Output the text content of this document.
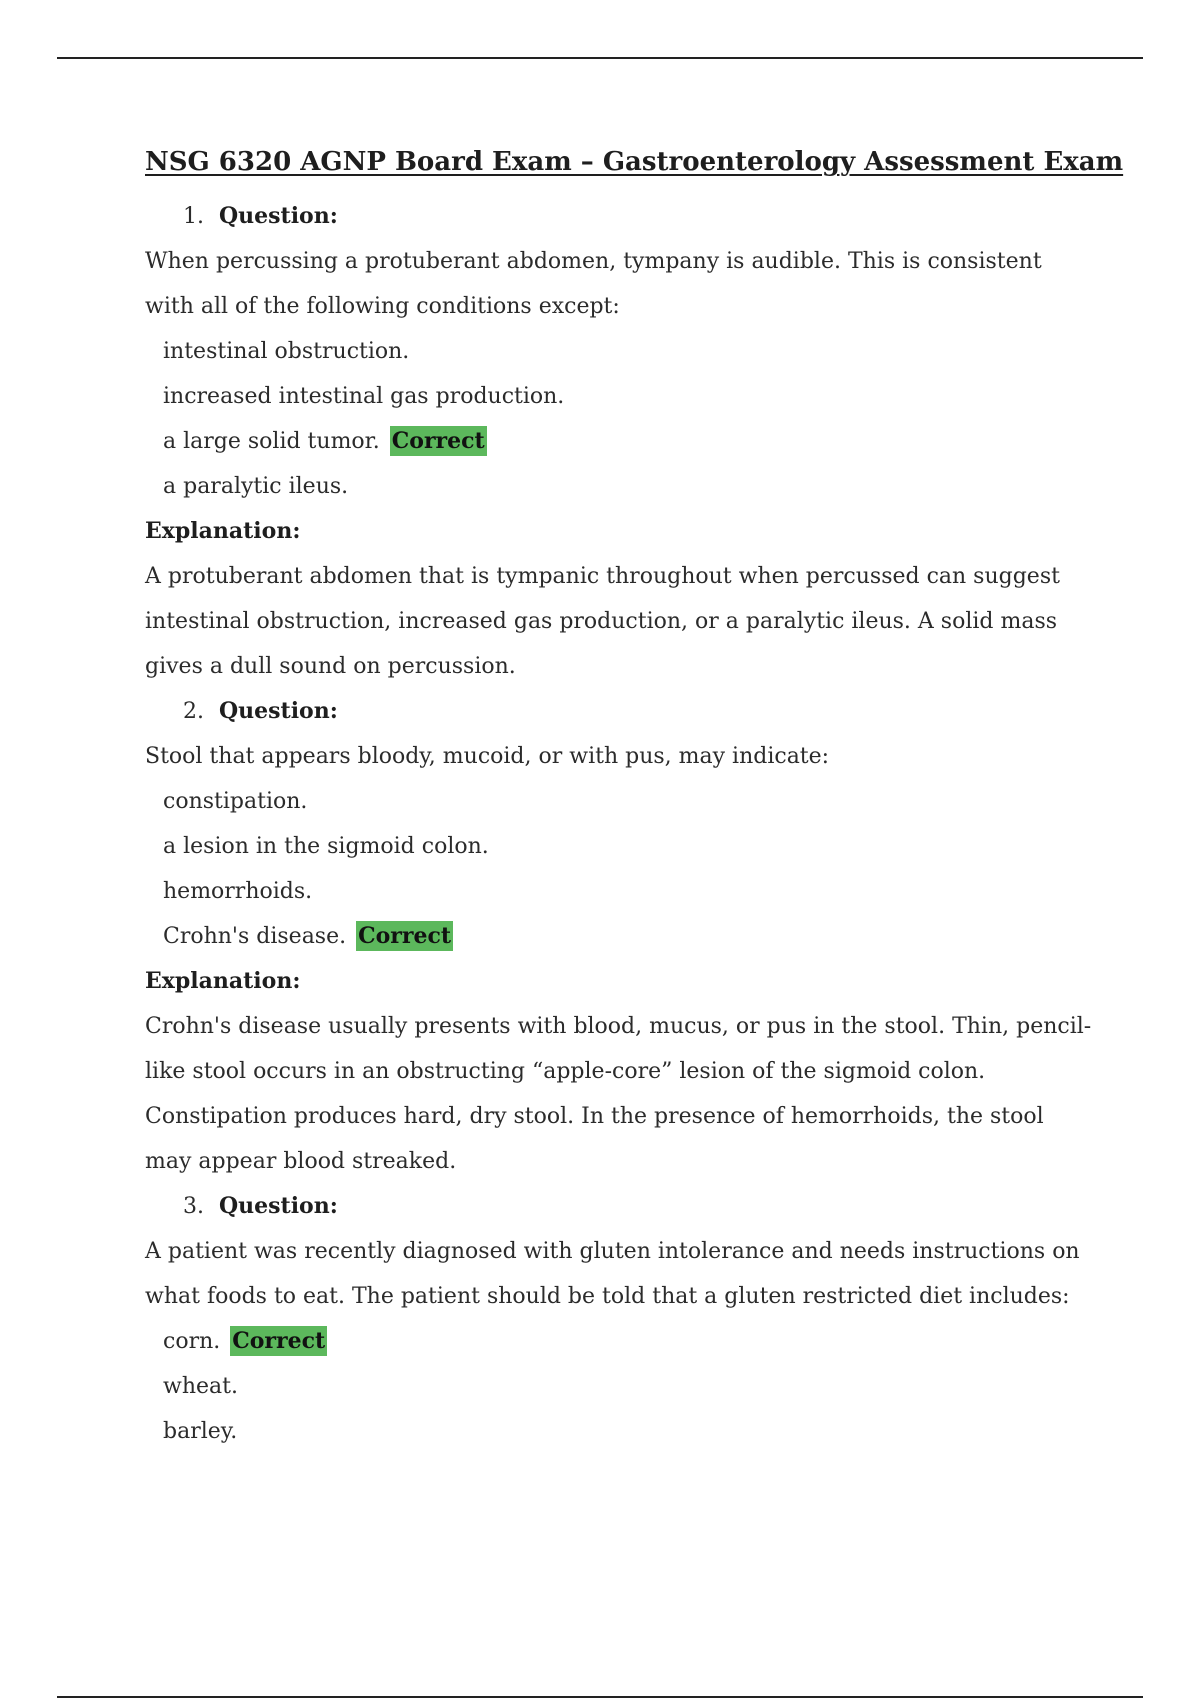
NSG 6320 AGNP Board Exam – Gastroenterology Assessment Exam

1. Question:

When percussing a protuberant abdomen, tympany is audible. This is consistent with all of the following conditions except:

intestinal obstruction.
increased intestinal gas production.
a large solid tumor. Correct
a paralytic ileus.

Explanation:

A protuberant abdomen that is tympanic throughout when percussed can suggest intestinal obstruction, increased gas production, or a paralytic ileus. A solid mass gives a dull sound on percussion.

2. Question:

Stool that appears bloody, mucoid, or with pus, may indicate:

constipation.
a lesion in the sigmoid colon.
hemorrhoids.
Crohn's disease. Correct

Explanation:

Crohn's disease usually presents with blood, mucus, or pus in the stool. Thin, pencil-like stool occurs in an obstructing “apple-core” lesion of the sigmoid colon. Constipation produces hard, dry stool. In the presence of hemorrhoids, the stool may appear blood streaked.

3. Question:

A patient was recently diagnosed with gluten intolerance and needs instructions on what foods to eat. The patient should be told that a gluten restricted diet includes:

corn. Correct
wheat.
barley.
